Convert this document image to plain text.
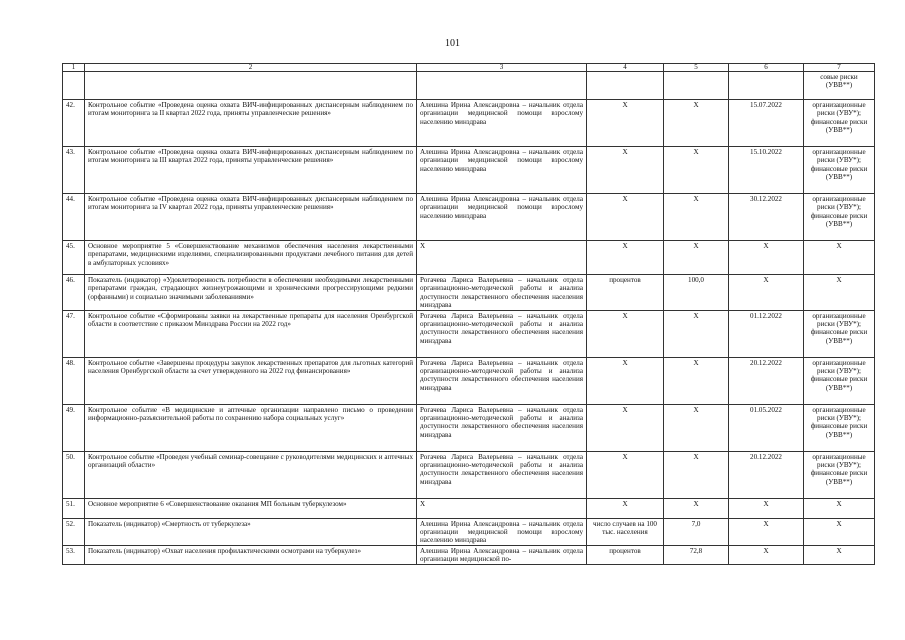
101
1	2	3	4	5	6	7
						совые риски (УВВ**)
42.	Контрольное событие «Проведена оценка охвата ВИЧ-инфицированных диспансерным наблюдением по итогам мониторинга за II квартал 2022 года, приняты управленческие решения»	Алешина Ирина Александровна – начальник отдела организации медицинской помощи взрослому населению минздрава	X	X	15.07.2022	организационные риски (УВУ*); финансовые риски (УВВ**)
43.	Контрольное событие «Проведена оценка охвата ВИЧ-инфицированных диспансерным наблюдением по итогам мониторинга за III квартал 2022 года, приняты управленческие решения»	Алешина Ирина Александровна – начальник отдела организации медицинской помощи взрослому населению минздрава	X	X	15.10.2022	организационные риски (УВУ*); финансовые риски (УВВ**)
44.	Контрольное событие «Проведена оценка охвата ВИЧ-инфицированных диспансерным наблюдением по итогам мониторинга за IV квартал 2022 года, приняты управленческие решения»	Алешина Ирина Александровна – начальник отдела организации медицинской помощи взрослому населению минздрава	X	X	30.12.2022	организационные риски (УВУ*); финансовые риски (УВВ**)
45.	Основное мероприятие 5 «Совершенствование механизмов обеспечения населения лекарственными препаратами, медицинскими изделиями, специализированными продуктами лечебного питания для детей в амбулаторных условиях»	X	X	X	X	X
46.	Показатель (индикатор) «Удовлетворенность потребности в обеспечении необходимыми лекарственными препаратами граждан, страдающих жизнеугрожающими и хроническими прогрессирующими редкими (орфанными) и социально значимыми заболеваниями»	Рогачева Лариса Валерьевна – начальник отдела организационно-методической работы и анализа доступности лекарственного обеспечения населения минздрава	процентов	100,0	X	X
47.	Контрольное событие «Сформированы заявки на лекарственные препараты для населения Оренбургской области в соответствие с приказом Минздрава России на 2022 год»	Рогачева Лариса Валерьевна – начальник отдела организационно-методической работы и анализа доступности лекарственного обеспечения населения минздрава	X	X	01.12.2022	организационные риски (УВУ*); финансовые риски (УВВ**)
48.	Контрольное событие «Завершены процедуры закупок лекарственных препаратов для льготных категорий населения Оренбургской области за счет утвержденного на 2022 год финансирования»	Рогачева Лариса Валерьевна – начальник отдела организационно-методической работы и анализа доступности лекарственного обеспечения населения минздрава	X	X	20.12.2022	организационные риски (УВУ*); финансовые риски (УВВ**)
49.	Контрольное событие «В медицинские и аптечные организации направлено письмо о проведении информационно-разъяснительной работы по сохранению набора социальных услуг»	Рогачева Лариса Валерьевна – начальник отдела организационно-методической работы и анализа доступности лекарственного обеспечения населения минздрава	X	X	01.05.2022	организационные риски (УВУ*); финансовые риски (УВВ**)
50.	Контрольное событие «Проведен учебный семинар-совещание с руководителями медицинских и аптечных организаций области»	Рогачева Лариса Валерьевна – начальник отдела организационно-методической работы и анализа доступности лекарственного обеспечения населения минздрава	X	X	20.12.2022	организационные риски (УВУ*); финансовые риски (УВВ**)
51.	Основное мероприятие 6 «Совершенствование оказания МП больным туберкулезом»	X	X	X	X	X
52.	Показатель (индикатор) «Смертность от туберкулеза»	Алешина Ирина Александровна – начальник отдела организации медицинской помощи взрослому населению минздрава	число случаев на 100 тыс. населения	7,0	X	X
53.	Показатель (индикатор) «Охват населения профилактическими осмотрами на туберкулез»	Алешина Ирина Александровна – начальник отдела организации медицинской по-	процентов	72,8	X	X
